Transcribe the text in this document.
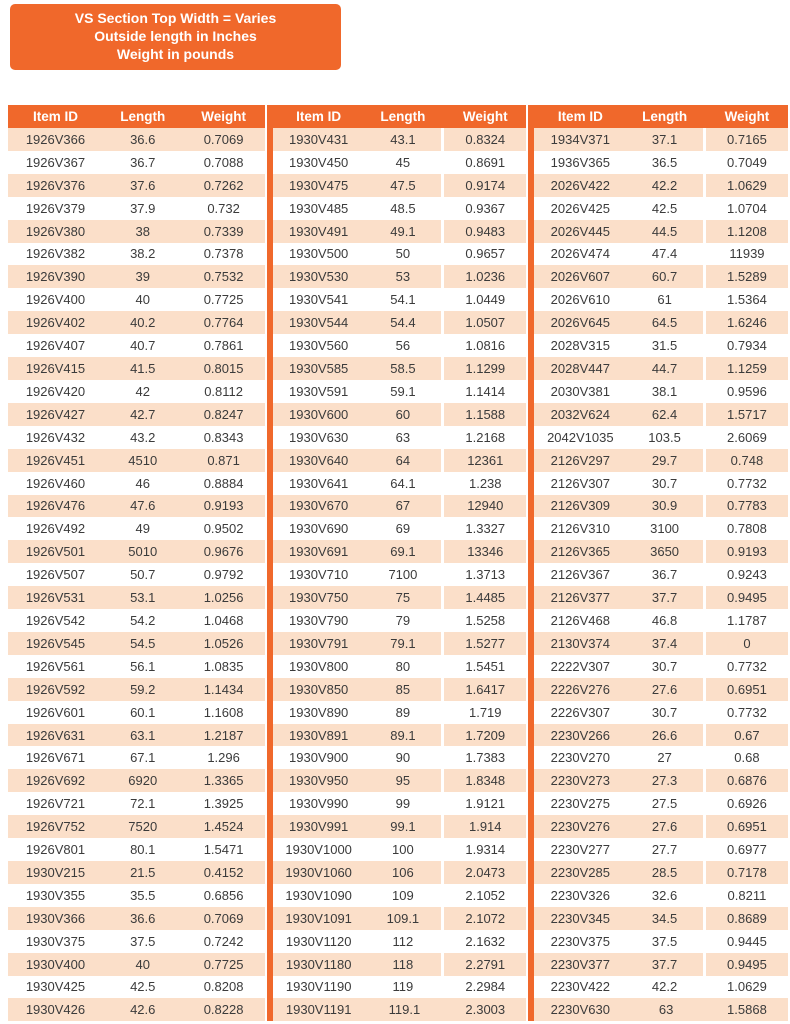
VS Section Top Width = Varies
Outside length in Inches
Weight in pounds
Item ID	Length	Weight
1926V366	36.6	0.7069
1926V367	36.7	0.7088
1926V376	37.6	0.7262
1926V379	37.9	0.732
1926V380	38	0.7339
1926V382	38.2	0.7378
1926V390	39	0.7532
1926V400	40	0.7725
1926V402	40.2	0.7764
1926V407	40.7	0.7861
1926V415	41.5	0.8015
1926V420	42	0.8112
1926V427	42.7	0.8247
1926V432	43.2	0.8343
1926V451	4510	0.871
1926V460	46	0.8884
1926V476	47.6	0.9193
1926V492	49	0.9502
1926V501	5010	0.9676
1926V507	50.7	0.9792
1926V531	53.1	1.0256
1926V542	54.2	1.0468
1926V545	54.5	1.0526
1926V561	56.1	1.0835
1926V592	59.2	1.1434
1926V601	60.1	1.1608
1926V631	63.1	1.2187
1926V671	67.1	1.296
1926V692	6920	1.3365
1926V721	72.1	1.3925
1926V752	7520	1.4524
1926V801	80.1	1.5471
1930V215	21.5	0.4152
1930V355	35.5	0.6856
1930V366	36.6	0.7069
1930V375	37.5	0.7242
1930V400	40	0.7725
1930V425	42.5	0.8208
1930V426	42.6	0.8228
Item ID	Length	Weight
1930V431	43.1	0.8324
1930V450	45	0.8691
1930V475	47.5	0.9174
1930V485	48.5	0.9367
1930V491	49.1	0.9483
1930V500	50	0.9657
1930V530	53	1.0236
1930V541	54.1	1.0449
1930V544	54.4	1.0507
1930V560	56	1.0816
1930V585	58.5	1.1299
1930V591	59.1	1.1414
1930V600	60	1.1588
1930V630	63	1.2168
1930V640	64	12361
1930V641	64.1	1.238
1930V670	67	12940
1930V690	69	1.3327
1930V691	69.1	13346
1930V710	7100	1.3713
1930V750	75	1.4485
1930V790	79	1.5258
1930V791	79.1	1.5277
1930V800	80	1.5451
1930V850	85	1.6417
1930V890	89	1.719
1930V891	89.1	1.7209
1930V900	90	1.7383
1930V950	95	1.8348
1930V990	99	1.9121
1930V991	99.1	1.914
1930V1000	100	1.9314
1930V1060	106	2.0473
1930V1090	109	2.1052
1930V1091	109.1	2.1072
1930V1120	112	2.1632
1930V1180	118	2.2791
1930V1190	119	2.2984
1930V1191	119.1	2.3003
Item ID	Length	Weight
1934V371	37.1	0.7165
1936V365	36.5	0.7049
2026V422	42.2	1.0629
2026V425	42.5	1.0704
2026V445	44.5	1.1208
2026V474	47.4	11939
2026V607	60.7	1.5289
2026V610	61	1.5364
2026V645	64.5	1.6246
2028V315	31.5	0.7934
2028V447	44.7	1.1259
2030V381	38.1	0.9596
2032V624	62.4	1.5717
2042V1035	103.5	2.6069
2126V297	29.7	0.748
2126V307	30.7	0.7732
2126V309	30.9	0.7783
2126V310	3100	0.7808
2126V365	3650	0.9193
2126V367	36.7	0.9243
2126V377	37.7	0.9495
2126V468	46.8	1.1787
2130V374	37.4	0
2222V307	30.7	0.7732
2226V276	27.6	0.6951
2226V307	30.7	0.7732
2230V266	26.6	0.67
2230V270	27	0.68
2230V273	27.3	0.6876
2230V275	27.5	0.6926
2230V276	27.6	0.6951
2230V277	27.7	0.6977
2230V285	28.5	0.7178
2230V326	32.6	0.8211
2230V345	34.5	0.8689
2230V375	37.5	0.9445
2230V377	37.7	0.9495
2230V422	42.2	1.0629
2230V630	63	1.5868
